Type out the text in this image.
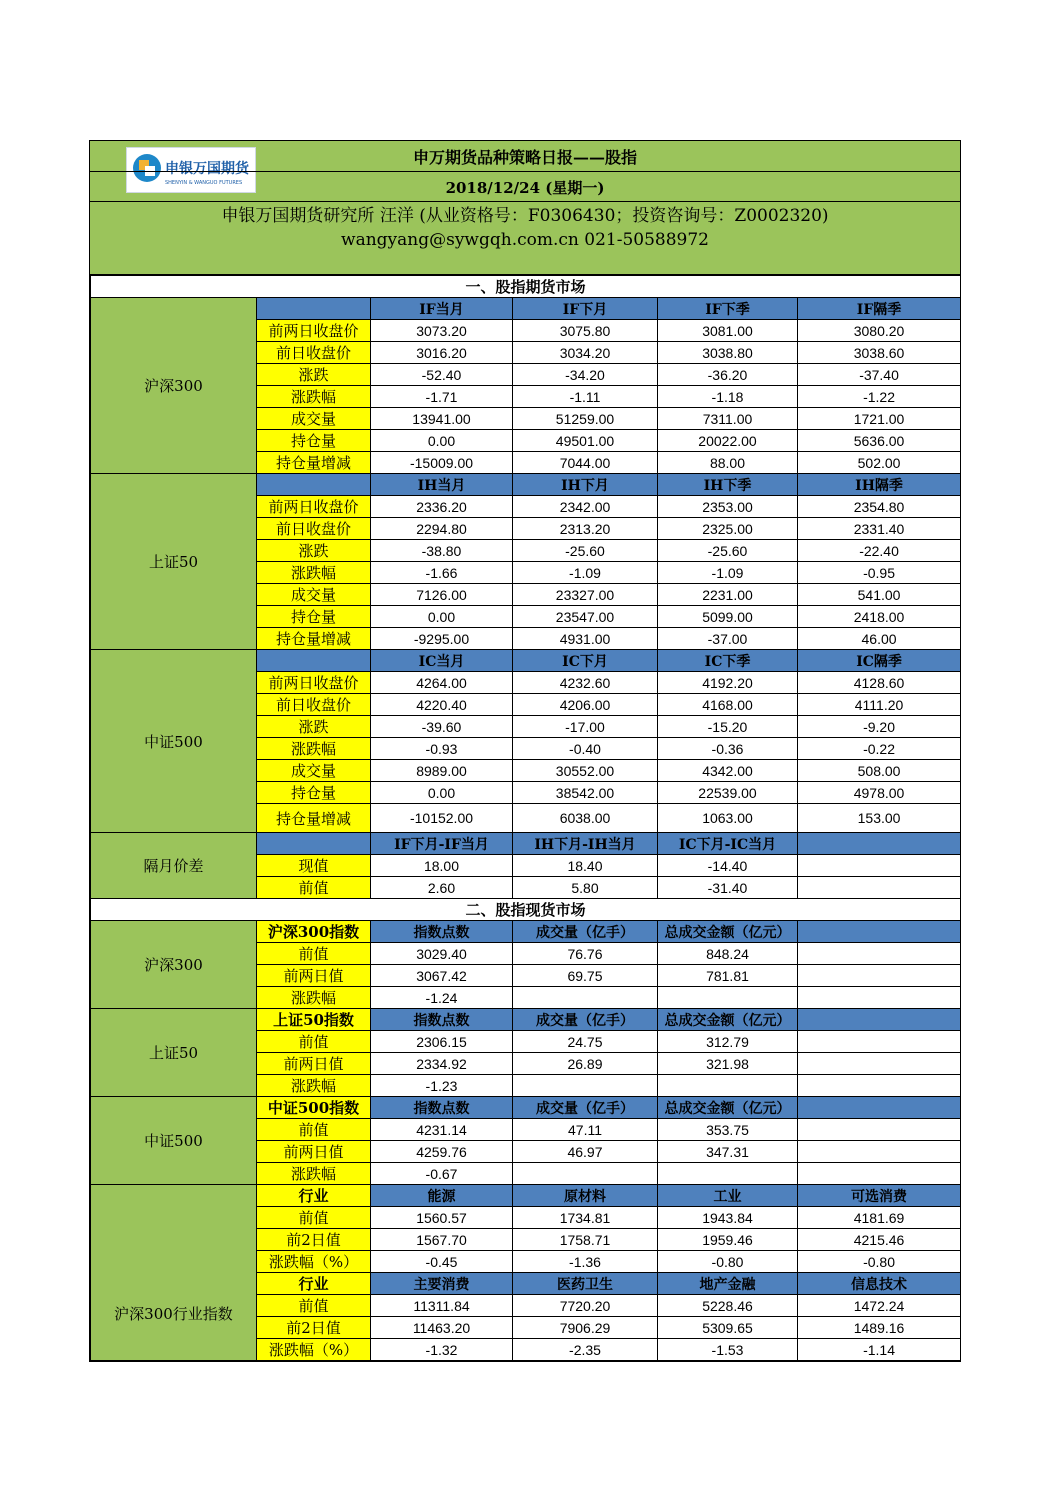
申银万国期货
SHENYIN & WANGUO FUTURES
申万期货品种策略日报——股指
2018/12/24 (星期一)
申银万国期货研究所 汪洋 (从业资格号：F0306430；投资咨询号：Z0002320)
wangyang@sywgqh.com.cn 021-50588972
一、股指期货市场					
沪深300		IF当月	IF下月	IF下季	IF隔季
	前两日收盘价	3073.20	3075.80	3081.00	3080.20
	前日收盘价	3016.20	3034.20	3038.80	3038.60
	涨跌	-52.40	-34.20	-36.20	-37.40
	涨跌幅	-1.71	-1.11	-1.18	-1.22
	成交量	13941.00	51259.00	7311.00	1721.00
	持仓量	0.00	49501.00	20022.00	5636.00
	持仓量增减	-15009.00	7044.00	88.00	502.00
上证50		IH当月	IH下月	IH下季	IH隔季
	前两日收盘价	2336.20	2342.00	2353.00	2354.80
	前日收盘价	2294.80	2313.20	2325.00	2331.40
	涨跌	-38.80	-25.60	-25.60	-22.40
	涨跌幅	-1.66	-1.09	-1.09	-0.95
	成交量	7126.00	23327.00	2231.00	541.00
	持仓量	0.00	23547.00	5099.00	2418.00
	持仓量增减	-9295.00	4931.00	-37.00	46.00
中证500		IC当月	IC下月	IC下季	IC隔季
	前两日收盘价	4264.00	4232.60	4192.20	4128.60
	前日收盘价	4220.40	4206.00	4168.00	4111.20
	涨跌	-39.60	-17.00	-15.20	-9.20
	涨跌幅	-0.93	-0.40	-0.36	-0.22
	成交量	8989.00	30552.00	4342.00	508.00
	持仓量	0.00	38542.00	22539.00	4978.00
	持仓量增减	-10152.00	6038.00	1063.00	153.00
隔月价差		IF下月-IF当月	IH下月-IH当月	IC下月-IC当月	
	现值	18.00	18.40	-14.40	
	前值	2.60	5.80	-31.40	
二、股指现货市场					
沪深300	沪深300指数	指数点数	成交量（亿手）	总成交金额（亿元）	
	前值	3029.40	76.76	848.24	
	前两日值	3067.42	69.75	781.81	
	涨跌幅	-1.24			
上证50	上证50指数	指数点数	成交量（亿手）	总成交金额（亿元）	
	前值	2306.15	24.75	312.79	
	前两日值	2334.92	26.89	321.98	
	涨跌幅	-1.23			
中证500	中证500指数	指数点数	成交量（亿手）	总成交金额（亿元）	
	前值	4231.14	47.11	353.75	
	前两日值	4259.76	46.97	347.31	
	涨跌幅	-0.67			
沪深300行业指数	行业	能源	原材料	工业	可选消费
	前值	1560.57	1734.81	1943.84	4181.69
	前2日值	1567.70	1758.71	1959.46	4215.46
	涨跌幅（%）	-0.45	-1.36	-0.80	-0.80
	行业	主要消费	医药卫生	地产金融	信息技术
	前值	11311.84	7720.20	5228.46	1472.24
	前2日值	11463.20	7906.29	5309.65	1489.16
	涨跌幅（%）	-1.32	-2.35	-1.53	-1.14
